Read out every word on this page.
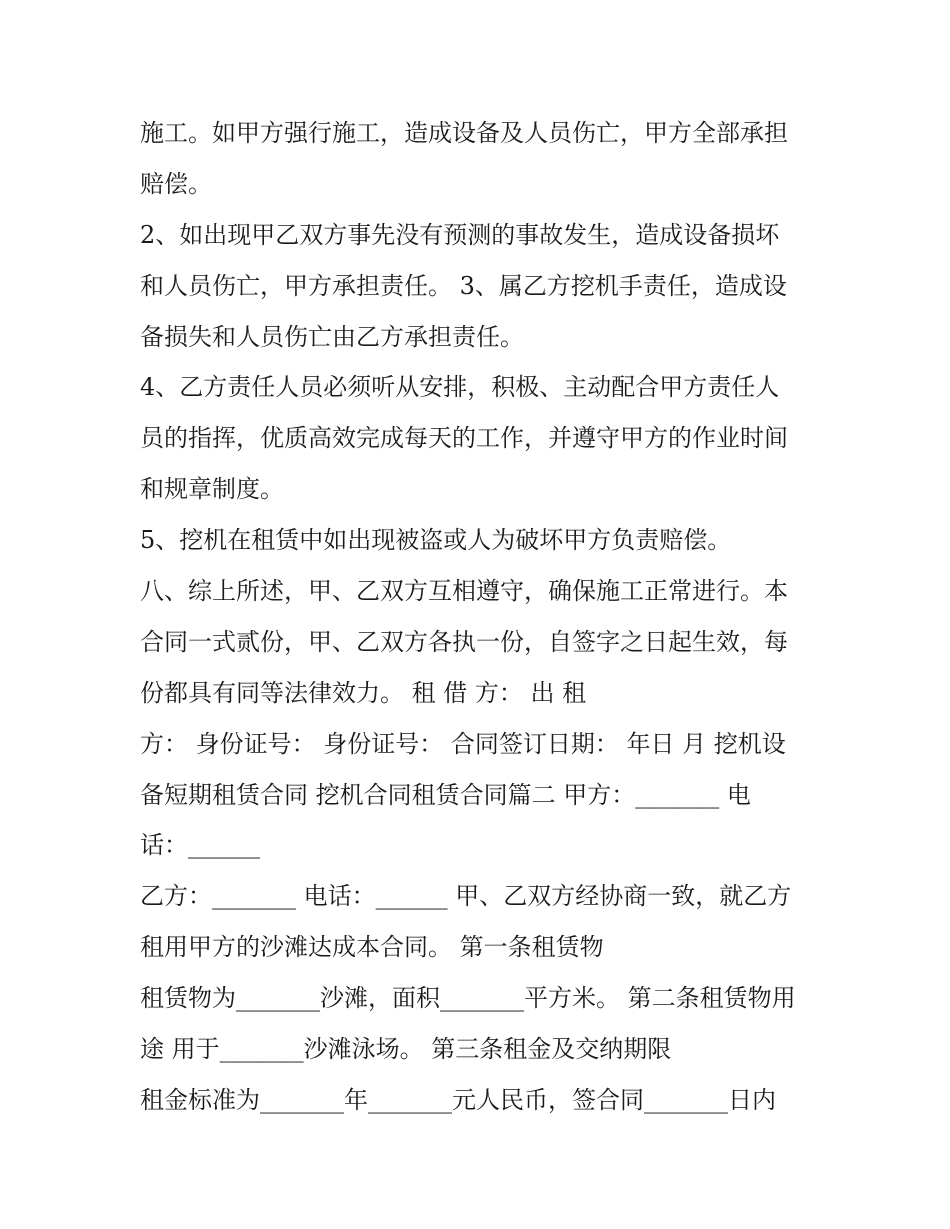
施工。如甲方强行施工，造成设备及人员伤亡，甲方全部承担
赔偿。
2、如出现甲乙双方事先没有预测的事故发生，造成设备损坏
和人员伤亡，甲方承担责任。 3、属乙方挖机手责任，造成设
备损失和人员伤亡由乙方承担责任。
4、乙方责任人员必须听从安排，积极、主动配合甲方责任人
员的指挥，优质高效完成每天的工作，并遵守甲方的作业时间
和规章制度。
5、挖机在租赁中如出现被盗或人为破坏甲方负责赔偿。
八、综上所述，甲、乙双方互相遵守，确保施工正常进行。本
合同一式贰份，甲、乙双方各执一份，自签字之日起生效，每
份都具有同等法律效力。 租 借 方： 出 租
方： 身份证号： 身份证号： 合同签订日期： 年日 月 挖机设
备短期租赁合同 挖机合同租赁合同篇二 甲方：_______ 电
话：______
乙方：_______ 电话：______ 甲、乙双方经协商一致，就乙方
租用甲方的沙滩达成本合同。 第一条租赁物
租赁物为_______沙滩，面积_______平方米。 第二条租赁物用
途 用于_______沙滩泳场。 第三条租金及交纳期限
租金标准为_______年_______元人民币，签合同_______日内
